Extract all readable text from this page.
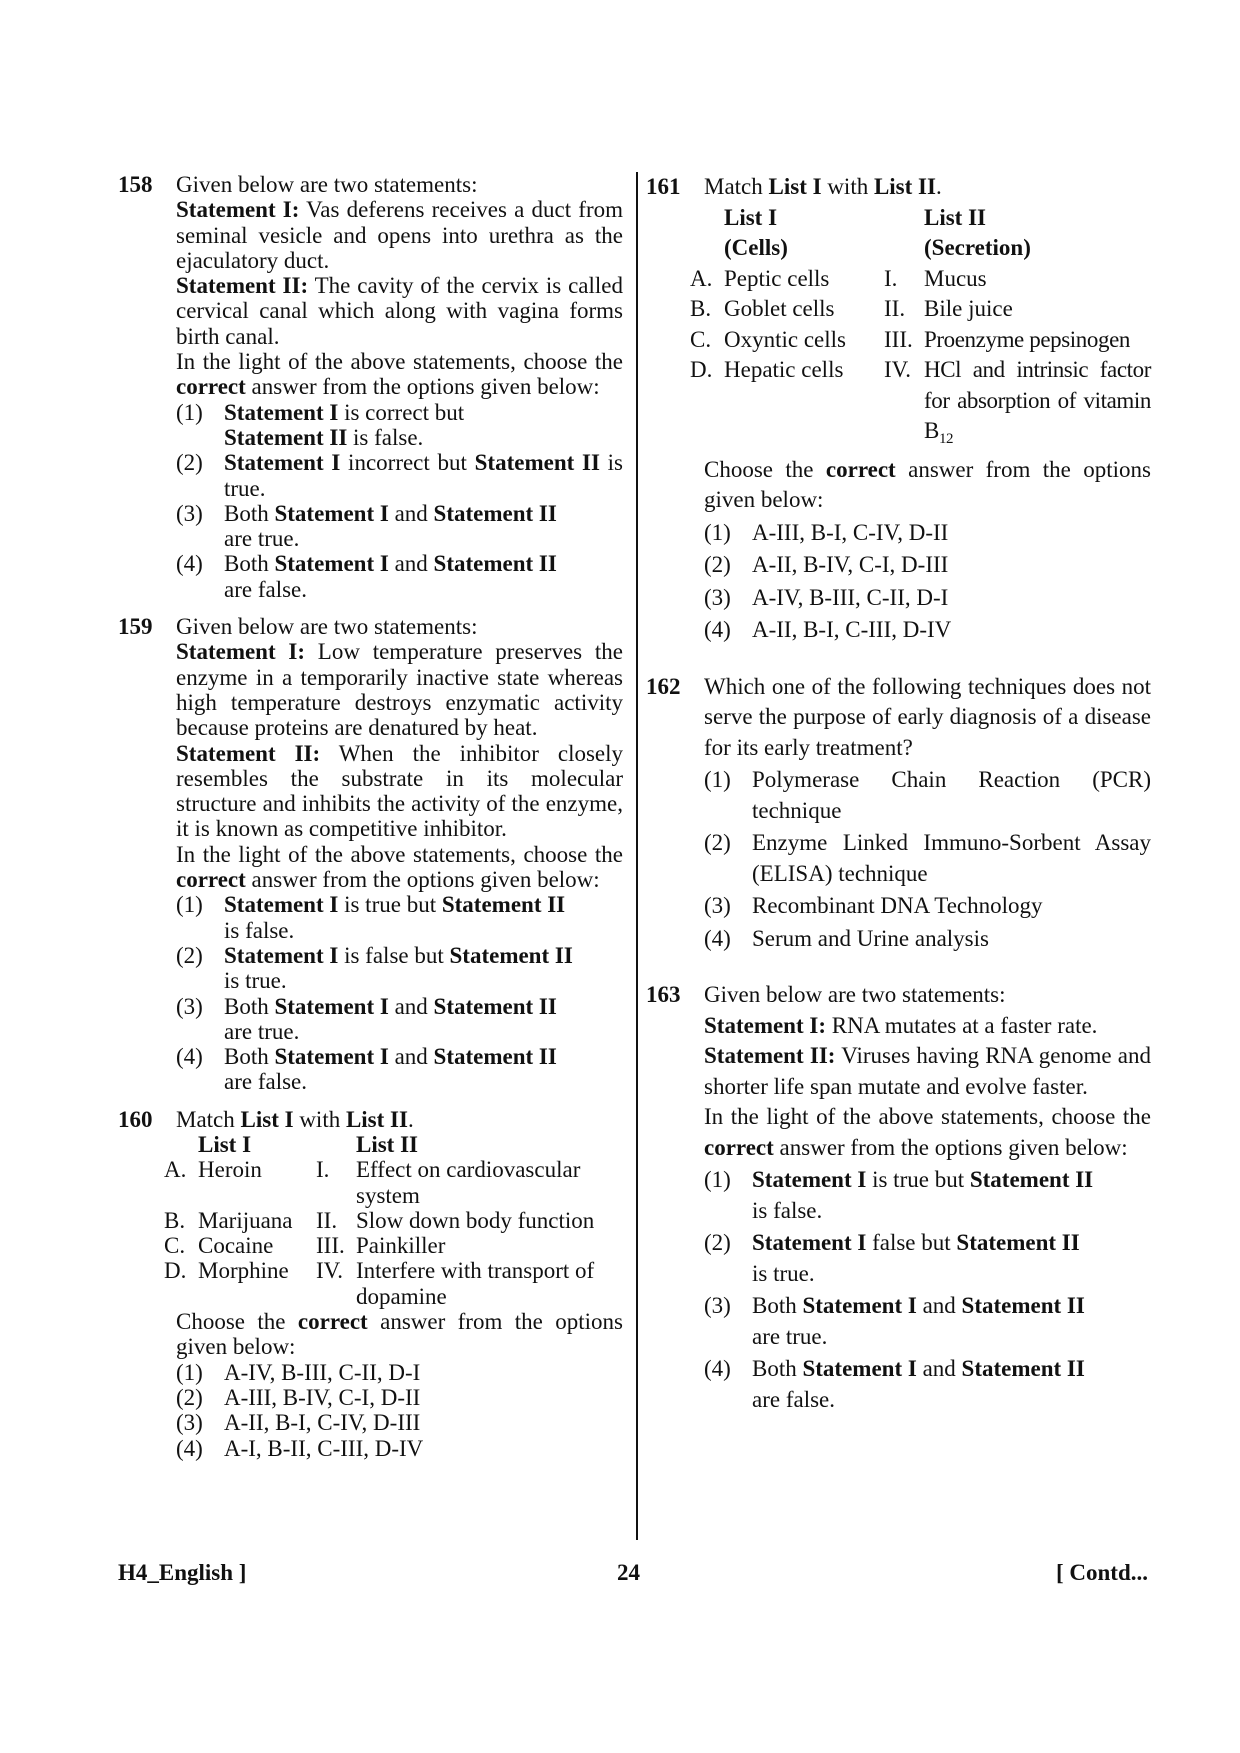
158 Given below are two statements:
Statement I: Vas deferens receives a duct from seminal vesicle and opens into urethra as the ejaculatory duct.
Statement II: The cavity of the cervix is called cervical canal which along with vagina forms birth canal.
In the light of the above statements, choose the correct answer from the options given below:
(1) Statement I is correct but
Statement II is false.
(2) Statement I incorrect but Statement II is true.
(3) Both Statement I and Statement II
are true.
(4) Both Statement I and Statement II
are false.
159 Given below are two statements:
Statement I: Low temperature preserves the enzyme in a temporarily inactive state whereas high temperature destroys enzymatic activity because proteins are denatured by heat.
Statement II: When the inhibitor closely resembles the substrate in its molecular structure and inhibits the activity of the enzyme, it is known as competitive inhibitor.
In the light of the above statements, choose the correct answer from the options given below:
(1) Statement I is true but Statement II
is false.
(2) Statement I is false but Statement II
is true.
(3) Both Statement I and Statement II
are true.
(4) Both Statement I and Statement II
are false.
160 Match List I with List II.
List I	List II
A. Heroin	I.	Effect on cardiovascular system
B. Marijuana	II. Slow down body function
C. Cocaine	III. Painkiller
D. Morphine	IV. Interfere with transport of dopamine
Choose the correct answer from the options given below:
(1) A-IV, B-III, C-II, D-I
(2) A-III, B-IV, C-I, D-II
(3) A-II, B-I, C-IV, D-III
(4) A-I, B-II, C-III, D-IV
161 Match List I with List II.
List I	List II
(Cells)	(Secretion)
A. Peptic cells	I.	Mucus
B. Goblet cells	II. Bile juice
C. Oxyntic cells	III. Proenzyme pepsinogen
D. Hepatic cells	IV. HCl and intrinsic factor for absorption of vitamin $B_{12}$
Choose the correct answer from the options given below:
(1) A-III, B-I, C-IV, D-II
(2) A-II, B-IV, C-I, D-III
(3) A-IV, B-III, C-II, D-I
(4) A-II, B-I, C-III, D-IV
162 Which one of the following techniques does not serve the purpose of early diagnosis of a disease for its early treatment?
(1) Polymerase Chain Reaction (PCR) technique
(2) Enzyme Linked Immuno-Sorbent Assay (ELISA) technique
(3) Recombinant DNA Technology
(4) Serum and Urine analysis
163 Given below are two statements:
Statement I: RNA mutates at a faster rate.
Statement II: Viruses having RNA genome and shorter life span mutate and evolve faster.
In the light of the above statements, choose the correct answer from the options given below:
(1) Statement I is true but Statement II
is false.
(2) Statement I false but Statement II
is true.
(3) Both Statement I and Statement II
are true.
(4) Both Statement I and Statement II
are false.
H4_English ]	24	[ Contd...
